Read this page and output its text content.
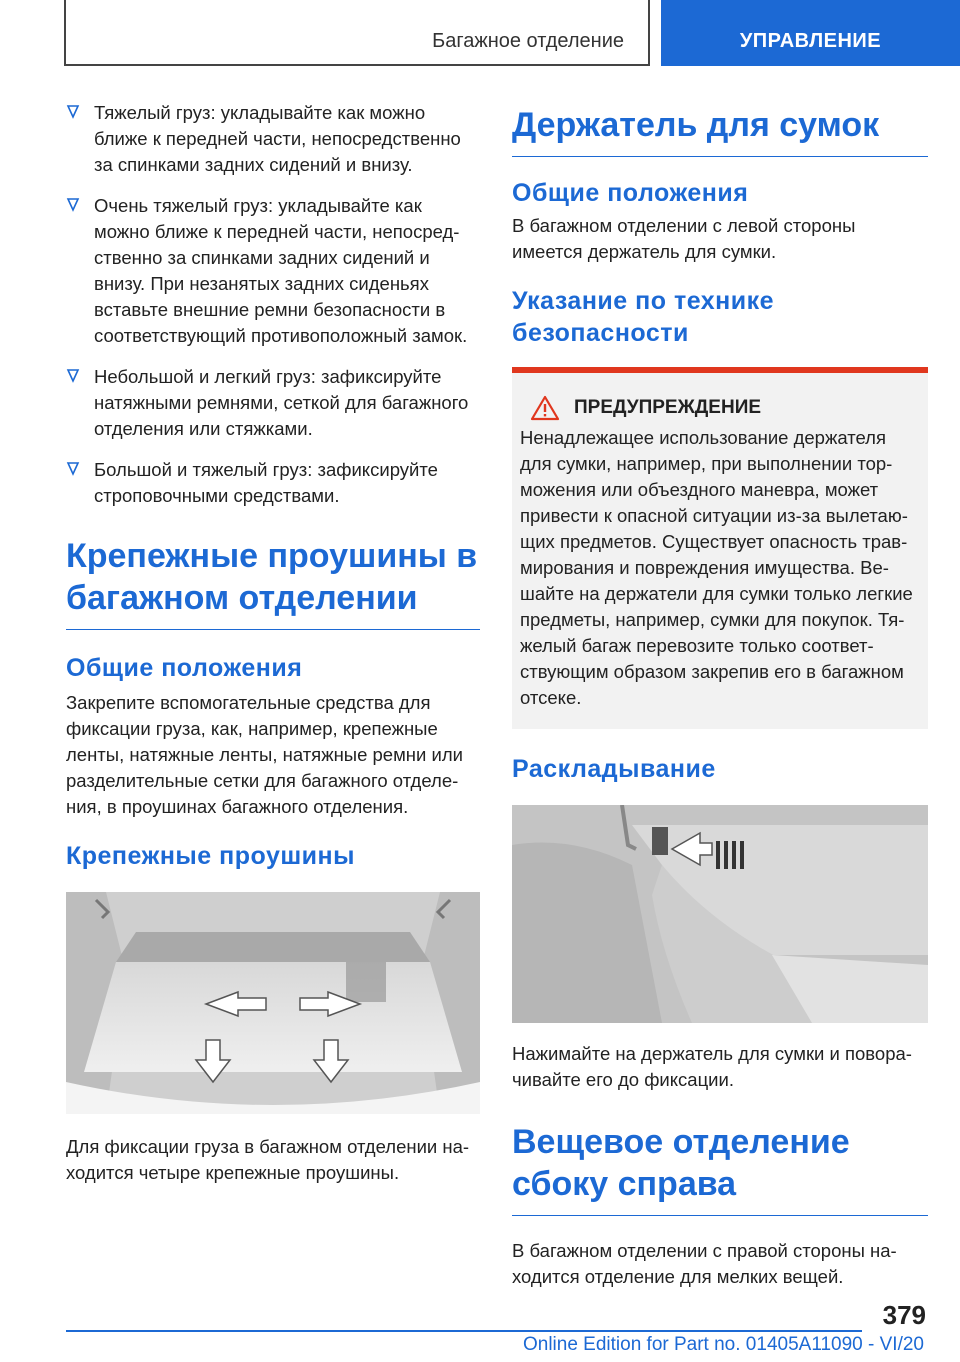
Багажное отделение	УПРАВЛЕНИЕ
Тяжелый груз: укладывайте как можно ближе к передней части, непосредственно за спинками задних сидений и внизу.
Очень тяжелый груз: укладывайте как можно ближе к передней части, непосредственно за спинками задних сидений и внизу. При незанятых задних сиденьях вставьте внешние ремни безопасности в соответствующий противоположный замок.
Небольшой и легкий груз: зафиксируйте натяжными ремнями, сеткой для багажного отделения или стяжками.
Большой и тяжелый груз: зафиксируйте строповочными средствами.
Крепежные проушины в багажном отделении
Общие положения
Закрепите вспомогательные средства для фиксации груза, как, например, крепежные ленты, натяжные ленты, натяжные ремни или разделительные сетки для багажного отделения, в проушинах багажного отделения.
Крепежные проушины
Для фиксации груза в багажном отделении находится четыре крепежные проушины.
Держатель для сумок
Общие положения
В багажном отделении с левой стороны имеется держатель для сумки.
Указание по технике безопасности
ПРЕДУПРЕЖДЕНИЕ
Ненадлежащее использование держателя для сумки, например, при выполнении торможения или объездного маневра, может привести к опасной ситуации из-за вылетающих предметов. Существует опасность травмирования и повреждения имущества. Вешайте на держатели для сумки только легкие предметы, например, сумки для покупок. Тяжелый багаж перевозите только соответствующим образом закрепив его в багажном отсеке.
Раскладывание
Нажимайте на держатель для сумки и поворачивайте его до фиксации.
Вещевое отделение сбоку справа
В багажном отделении с правой стороны находится отделение для мелких вещей.
379
Online Edition for Part no. 01405A11090 - VI/20
